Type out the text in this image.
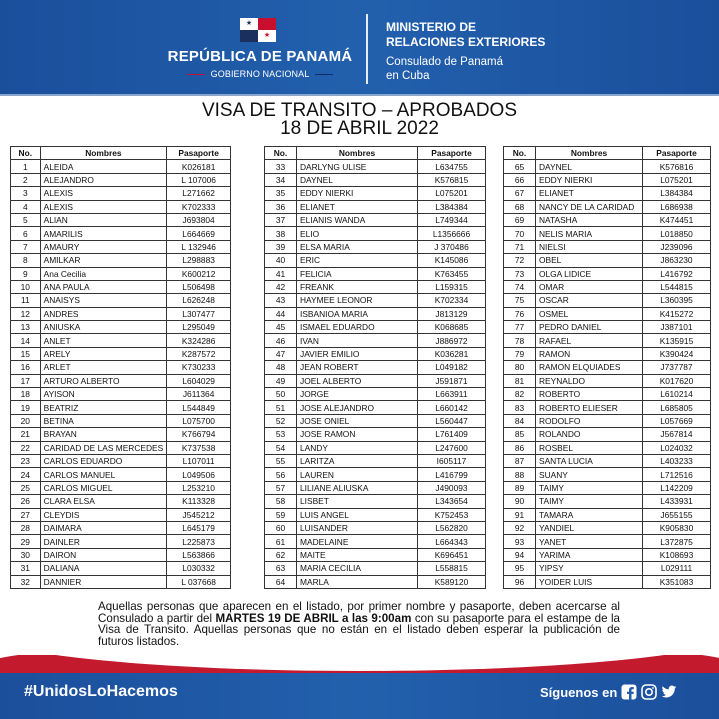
★
★
REPÚBLICA DE PANAMÁ
GOBIERNO NACIONAL
MINISTERIO DE
RELACIONES EXTERIORES
Consulado de Panamá
en Cuba
VISA DE TRANSITO – APROBADOS
18 DE ABRIL 2022
No.	Nombres	Pasaporte
1	ALEIDA	K026181
2	ALEJANDRO	L 107006
3	ALEXIS	L271662
4	ALEXIS	K702333
5	ALIAN	J693804
6	AMARILIS	L664669
7	AMAURY	L 132946
8	AMILKAR	L298883
9	Ana Cecilia	K600212
10	ANA PAULA	L506498
11	ANAISYS	L626248
12	ANDRES	L307477
13	ANIUSKA	L295049
14	ANLET	K324286
15	ARELY	K287572
16	ARLET	K730233
17	ARTURO ALBERTO	L604029
18	AYISON	J611364
19	BEATRIZ	L544849
20	BETINA	L075700
21	BRAYAN	K766794
22	CARIDAD DE LAS MERCEDES	K737538
23	CARLOS EDUARDO	L107011
24	CARLOS MANUEL	L049506
25	CARLOS MIGUEL	L253210
26	CLARA ELSA	K113328
27	CLEYDIS	J545212
28	DAIMARA	L645179
29	DAINLER	L225873
30	DAIRON	L563866
31	DALIANA	L030332
32	DANNIER	L 037668
No.	Nombres	Pasaporte
33	DARLYNG ULISE	L634755
34	DAYNEL	K576815
35	EDDY NIERKI	L075201
36	ELIANET	L384384
37	ELIANIS WANDA	L749344
38	ELIO	L1356666
39	ELSA MARIA	J 370486
40	ERIC	K145086
41	FELICIA	K763455
42	FREANK	L159315
43	HAYMEE LEONOR	K702334
44	ISBANIOA MARIA	J813129
45	ISMAEL EDUARDO	K068685
46	IVAN	J886972
47	JAVIER EMILIO	K036281
48	JEAN ROBERT	L049182
49	JOEL ALBERTO	J591871
50	JORGE	L663911
51	JOSE ALEJANDRO	L660142
52	JOSE ONIEL	L560447
53	JOSE RAMON	L761409
54	LANDY	L247600
55	LARITZA	I605117
56	LAUREN	L416799
57	LILIANE ALIUSKA	J490093
58	LISBET	L343654
59	LUIS ANGEL	K752453
60	LUISANDER	L562820
61	MADELAINE	L664343
62	MAITE	K696451
63	MARIA CECILIA	L558815
64	MARLA	K589120
No.	Nombres	Pasaporte
65	DAYNEL	K576816
66	EDDY NIERKI	L075201
67	ELIANET	L384384
68	NANCY DE LA CARIDAD	L686938
69	NATASHA	K474451
70	NELIS MARIA	L018850
71	NIELSI	J239096
72	OBEL	J863230
73	OLGA LIDICE	L416792
74	OMAR	L544815
75	OSCAR	L360395
76	OSMEL	K415272
77	PEDRO DANIEL	J387101
78	RAFAEL	K135915
79	RAMON	K390424
80	RAMON ELQUIADES	J737787
81	REYNALDO	K017620
82	ROBERTO	L610214
83	ROBERTO ELIESER	L685805
84	RODOLFO	L057669
85	ROLANDO	J567814
86	ROSBEL	L024032
87	SANTA LUCIA	L403233
88	SUANY	L712516
89	TAIMY	L142209
90	TAIMY	L433931
91	TAMARA	J655155
92	YANDIEL	K905830
93	YANET	L372875
94	YARIMA	K108693
95	YIPSY	L029111
96	YOIDER LUIS	K351083
Aquellas personas que aparecen en el listado, por primer nombre y pasaporte, deben acercarse al Consulado a partir del MARTES 19 DE ABRIL a las 9:00am con su pasaporte para el estampe de la Visa de Transito. Aquellas personas que no están en el listado deben esperar la publicación de futuros listados.
#UnidosLoHacemos	Síguenos en
